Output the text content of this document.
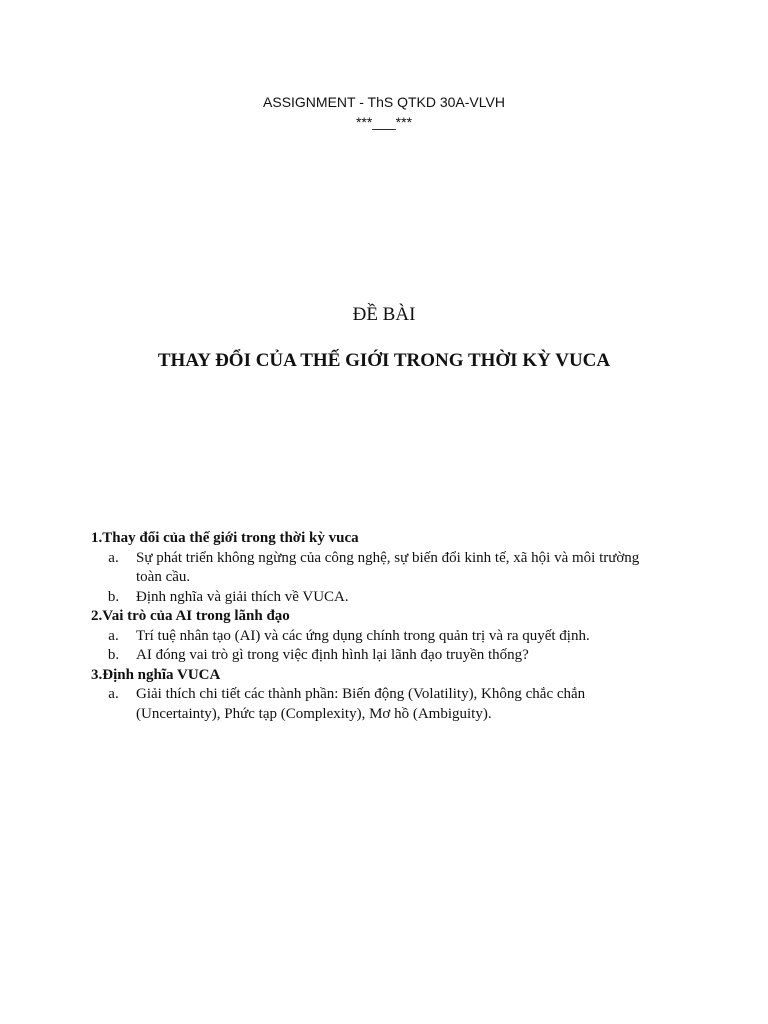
ASSIGNMENT - ThS QTKD 30A-VLVH
***___***
ĐỀ BÀI
THAY ĐỔI CỦA THẾ GIỚI TRONG THỜI KỲ VUCA

1.Thay đổi của thế giới trong thời kỳ vuca

a.	Sự phát triển không ngừng của công nghệ, sự biến đổi kinh tế, xã hội và môi trường toàn cầu.
b.	Định nghĩa và giải thích về VUCA.

2.Vai trò của AI trong lãnh đạo

a.	Trí tuệ nhân tạo (AI) và các ứng dụng chính trong quản trị và ra quyết định.
b.	AI đóng vai trò gì trong việc định hình lại lãnh đạo truyền thống?

3.Định nghĩa VUCA

a.	Giải thích chi tiết các thành phần: Biến động (Volatility), Không chắc chắn (Uncertainty), Phức tạp (Complexity), Mơ hồ (Ambiguity).
